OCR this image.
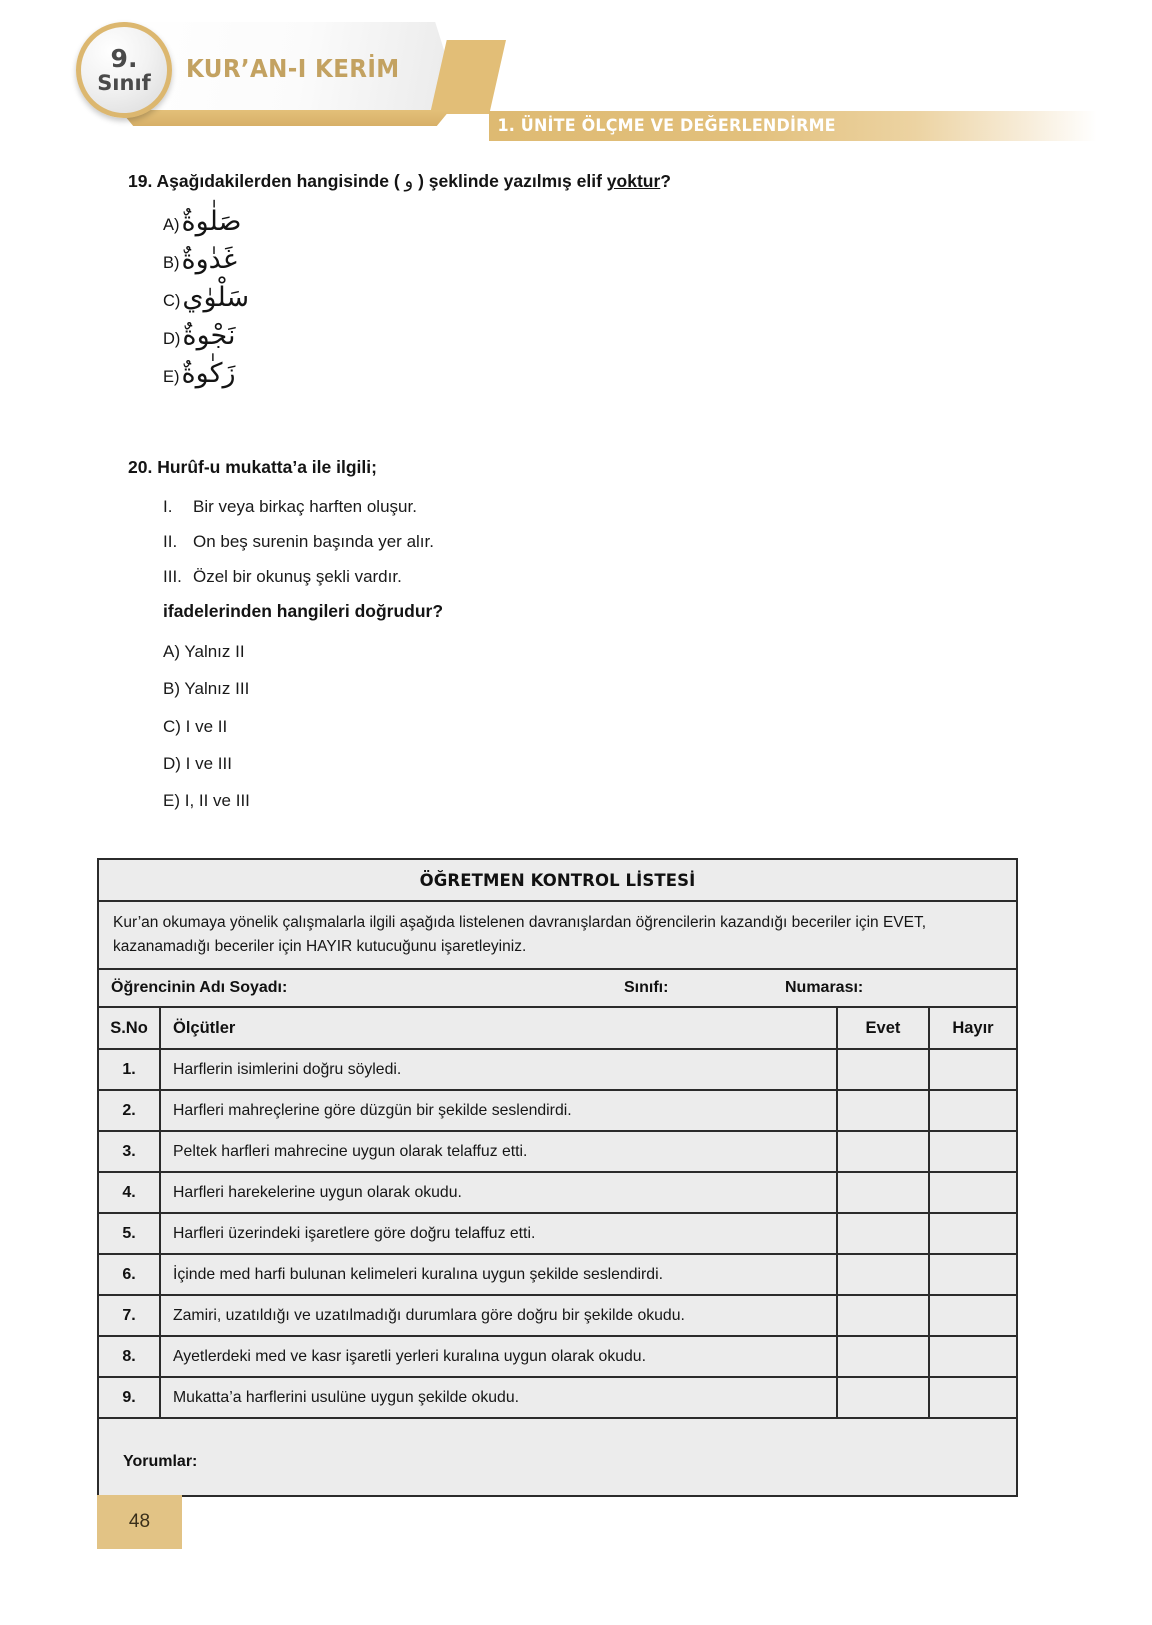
KUR’AN-I KERİM
9.
Sınıf
1. ÜNİTE ÖLÇME VE DEĞERLENDİRME
19. Aşağıdakilerden hangisinde ( و ) şeklinde yazılmış elif yoktur?
A) صَلٰوةٌ
B) غَدٰوةٌ
C) سَلْوٰي
D) نَجْوةٌ
E) زَكٰوةٌ
20. Hurûf-u mukatta’a ile ilgili;
I.	Bir veya birkaç harften oluşur.
II. On beş surenin başında yer alır.
III. Özel bir okunuş şekli vardır.
ifadelerinden hangileri doğrudur?
A) Yalnız II
B) Yalnız III
C) I ve II
D) I ve III
E) I, II ve III
ÖĞRETMEN KONTROL LİSTESİ			
Kur’an okumaya yönelik çalışmalarla ilgili aşağıda listelenen davranışlardan öğrencilerin kazandığı beceriler için EVET, kazanamadığı beceriler için HAYIR kutucuğunu işaretleyiniz.			

Öğrencinin Adı Soyadı: Sınıfı: Numarası:			

S.No	Ölçütler	Evet	Hayır
1.	Harflerin isimlerini doğru söyledi.		
2.	Harfleri mahreçlerine göre düzgün bir şekilde seslendirdi.		
3.	Peltek harfleri mahrecine uygun olarak telaffuz etti.		
4.	Harfleri harekelerine uygun olarak okudu.		
5.	Harfleri üzerindeki işaretlere göre doğru telaffuz etti.		
6.	İçinde med harfi bulunan kelimeleri kuralına uygun şekilde seslendirdi.		
7.	Zamiri, uzatıldığı ve uzatılmadığı durumlara göre doğru bir şekilde okudu.		
8.	Ayetlerdeki med ve kasr işaretli yerleri kuralına uygun olarak okudu.		
9.	Mukatta’a harflerini usulüne uygun şekilde okudu.		
Yorumlar:			
48
